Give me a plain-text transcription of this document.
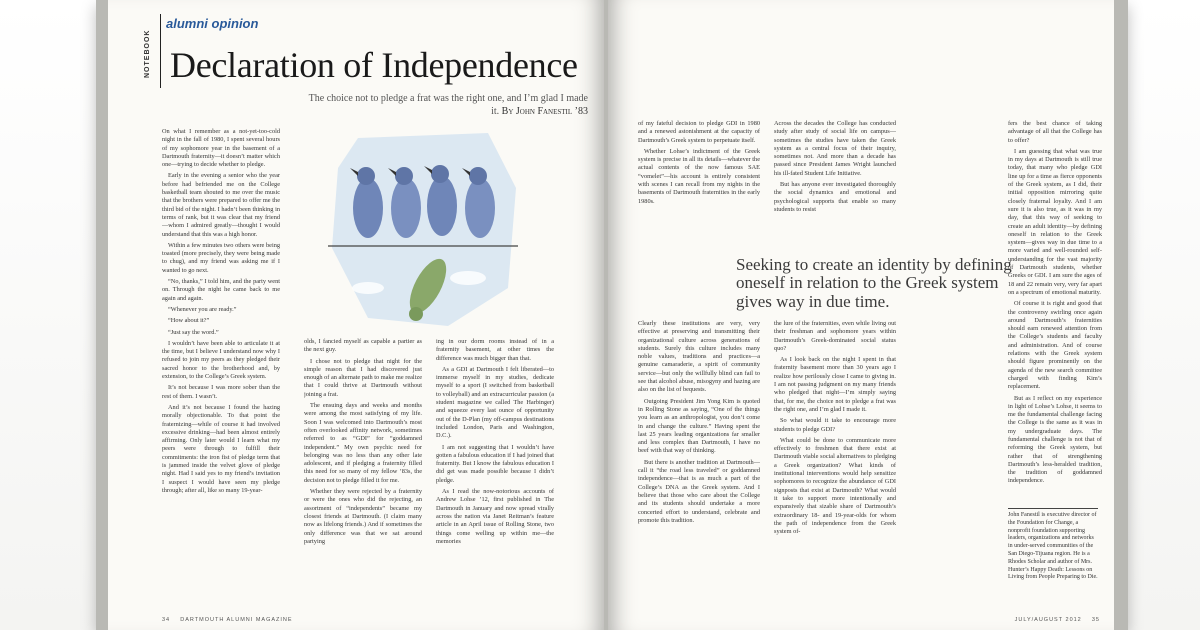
NOTEBOOK
alumni opinion
Declaration of Independence
The choice not to pledge a frat was the right one, and I’m glad I made it. By John Fanestil ’83

On what I remember as a not-yet-too-cold night in the fall of 1980, I spent several hours of my sophomore year in the basement of a Dartmouth fraternity—it doesn’t matter which one—trying to decide whether to pledge.

Early in the evening a senior who the year before had befriended me on the College basketball team shouted to me over the music that the brothers were prepared to offer me the third bid of the night. I hadn’t been thinking in terms of rank, but it was clear that my friend—whom I admired greatly—thought I would understand that this was a high honor.

Within a few minutes two others were being toasted (more precisely, they were being made to chug), and my friend was asking me if I wanted to go next.

“No, thanks,” I told him, and the party went on. Through the night he came back to me again and again.

“Whenever you are ready.”

“How about it?”

“Just say the word.”

I wouldn’t have been able to articulate it at the time, but I believe I understand now why I refused to join my peers as they pledged their sacred honor to the brotherhood and, by extension, to the College’s Greek system.

It’s not because I was more sober than the rest of them. I wasn’t.

And it’s not because I found the hazing morally objectionable. To that point the fraternizing—while of course it had involved excessive drinking—had been almost entirely affirming. Only later would I learn what my peers were through to fulfill their commitments: the iron fist of pledge term that is jammed inside the velvet glove of pledge night. Had I said yes to my friend’s invitation I suspect I would have seen my pledge through; after all, like so many 19-year-

olds, I fancied myself as capable a partier as the next guy.

I chose not to pledge that night for the simple reason that I had discovered just enough of an alternate path to make me realize that I could thrive at Dartmouth without joining a frat.

The ensuing days and weeks and months were among the most satisfying of my life. Soon I was welcomed into Dartmouth’s most often overlooked affinity network, sometimes referred to as “GDI” for “goddamned independent.” My own psychic need for belonging was no less than any other late adolescent, and if pledging a fraternity filled this need for so many of my fellow ’83s, the decision not to pledge filled it for me.

Whether they were rejected by a fraternity or were the ones who did the rejecting, an assortment of “independents” became my closest friends at Dartmouth. (I claim many now as lifelong friends.) And if sometimes the only difference was that we sat around partying

ing in our dorm rooms instead of in a fraternity basement, at other times the difference was much bigger than that.

As a GDI at Dartmouth I felt liberated—to immerse myself in my studies, dedicate myself to a sport (I switched from basketball to volleyball) and an extracurricular passion (a student magazine we called The Harbinger) and squeeze every last ounce of opportunity out of the D-Plan (my off-campus destinations included London, Paris and Washington, D.C.).

I am not suggesting that I wouldn’t have gotten a fabulous education if I had joined that fraternity. But I know the fabulous education I did get was made possible because I didn’t pledge.

As I read the now-notorious accounts of Andrew Lohse ’12, first published in The Dartmouth in January and now spread virally across the nation via Janet Reitman’s feature article in an April issue of Rolling Stone, two things come welling up within me—the memories

34 DARTMOUTH ALUMNI MAGAZINE

of my fateful decision to pledge GDI in 1980 and a renewed astonishment at the capacity of Dartmouth’s Greek system to perpetuate itself.

Whether Lohse’s indictment of the Greek system is precise in all its details—whatever the actual contents of the now famous SAE “vomelet”—his account is entirely consistent with scenes I can recall from my nights in the basements of Dartmouth fraternities in the early 1980s.

Across the decades the College has conducted study after study of social life on campus—sometimes the studies have taken the Greek system as a central focus of their inquiry, sometimes not. And more than a decade has passed since President James Wright launched his ill-fated Student Life Initiative.

But has anyone ever investigated thoroughly the social dynamics and emotional and psychological supports that enable so many students to resist

Seeking to create an identity by defining oneself in relation to the Greek system gives way in due time.

Clearly these institutions are very, very effective at preserving and transmitting their organizational culture across generations of students. Surely this culture includes many noble values, traditions and practices—a genuine camaraderie, a spirit of community service—but only the willfully blind can fail to see that alcohol abuse, misogyny and hazing are also on the list of bequests.

Outgoing President Jim Yong Kim is quoted in Rolling Stone as saying, “One of the things you learn as an anthropologist, you don’t come in and change the culture.” Having spent the last 25 years leading organizations far smaller and less complex than Dartmouth, I have no beef with that way of thinking.

But there is another tradition at Dartmouth—call it “the road less traveled” or goddamned independence—that is as much a part of the College’s DNA as the Greek system. And I believe that those who care about the College and its students should undertake a more concerted effort to understand, celebrate and promote this tradition.

the lure of the fraternities, even while living out their freshman and sophomore years within Dartmouth’s Greek-dominated social status quo?

As I look back on the night I spent in that fraternity basement more than 30 years ago I realize how perilously close I came to giving in. I am not passing judgment on my many friends who pledged that night—I’m simply saying that, for me, the choice not to pledge a frat was the right one, and I’m glad I made it.

So what would it take to encourage more students to pledge GDI?

What could be done to communicate more effectively to freshmen that there exist at Dartmouth viable social alternatives to pledging a Greek organization? What kinds of institutional interventions would help sensitize sophomores to recognize the abundance of GDI signposts that exist at Dartmouth? What would it take to support more intentionally and expansively that sizable share of Dartmouth’s extraordinary 18- and 19-year-olds for whom the path of independence from the Greek system of-

fers the best chance of taking advantage of all that the College has to offer?

I am guessing that what was true in my days at Dartmouth is still true today, that many who pledge GDI line up for a time as fierce opponents of the Greek system, as I did, their initial opposition mirroring quite closely fraternal loyalty. And I am sure it is also true, as it was in my day, that this way of seeking to create an adult identity—by defining oneself in relation to the Greek system—gives way in due time to a more varied and well-rounded self-understanding for the vast majority of Dartmouth students, whether Greeks or GDI. I am sure the ages of 18 and 22 remain very, very far apart on a spectrum of emotional maturity.

Of course it is right and good that the controversy swirling once again around Dartmouth’s fraternities should earn renewed attention from the College’s students and faculty and administration. And of course relations with the Greek system should figure prominently on the agenda of the new search committee charged with finding Kim’s replacement.

But as I reflect on my experience in light of Lohse’s Lohse, it seems to me the fundamental challenge facing the College is the same as it was in my undergraduate days. The fundamental challenge is not that of reforming the Greek system, but rather that of strengthening Dartmouth’s less-heralded tradition, the tradition of goddamned independence.

John Fanestil is executive director of the Foundation for Change, a nonprofit foundation supporting leaders, organizations and networks in under-served communities of the San Diego-Tijuana region. He is a Rhodes Scholar and author of Mrs. Hunter’s Happy Death: Lessons on Living from People Preparing to Die.
JULY/AUGUST 2012 35
